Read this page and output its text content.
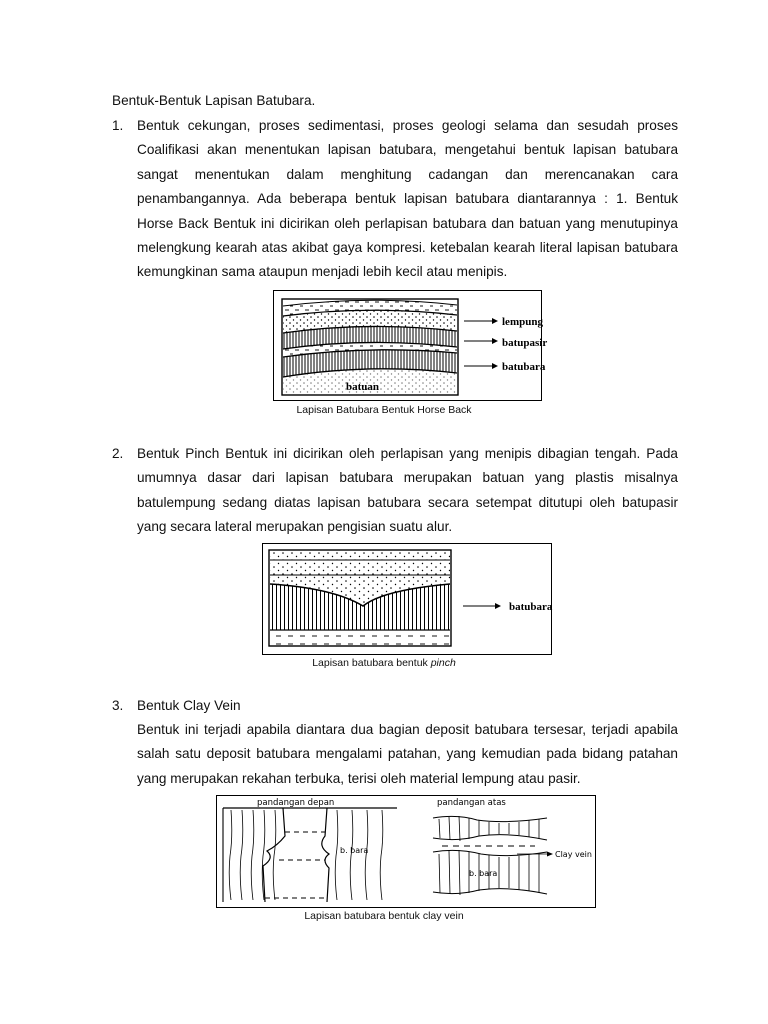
Bentuk-Bentuk Lapisan Batubara.
1. Bentuk cekungan, proses sedimentasi, proses geologi selama dan sesudah proses
Coalifikasi akan menentukan lapisan batubara, mengetahui bentuk lapisan batubara
sangat menentukan dalam menghitung cadangan dan merencanakan cara
penambangannya. Ada beberapa bentuk lapisan batubara diantarannya : 1. Bentuk
Horse Back Bentuk ini dicirikan oleh perlapisan batubara dan batuan yang menutupinya
melengkung kearah atas akibat gaya kompresi. ketebalan kearah literal lapisan batubara
kemungkinan sama ataupun menjadi lebih kecil atau menipis.
lempung
batupasir
batubara
batuan
Lapisan Batubara Bentuk Horse Back
2. Bentuk Pinch Bentuk ini dicirikan oleh perlapisan yang menipis dibagian tengah. Pada
umumnya dasar dari lapisan batubara merupakan batuan yang plastis misalnya
batulempung sedang diatas lapisan batubara secara setempat ditutupi oleh batupasir
yang secara lateral merupakan pengisian suatu alur.
batubara
Lapisan batubara bentuk pinch
3. Bentuk Clay Vein
Bentuk ini terjadi apabila diantara dua bagian deposit batubara tersesar, terjadi apabila
salah satu deposit batubara mengalami patahan, yang kemudian pada bidang patahan
yang merupakan rekahan terbuka, terisi oleh material lempung atau pasir.
pandangan depan	pandangan atas
b. bara	Clay vein
b. bara
Lapisan batubara bentuk clay vein
